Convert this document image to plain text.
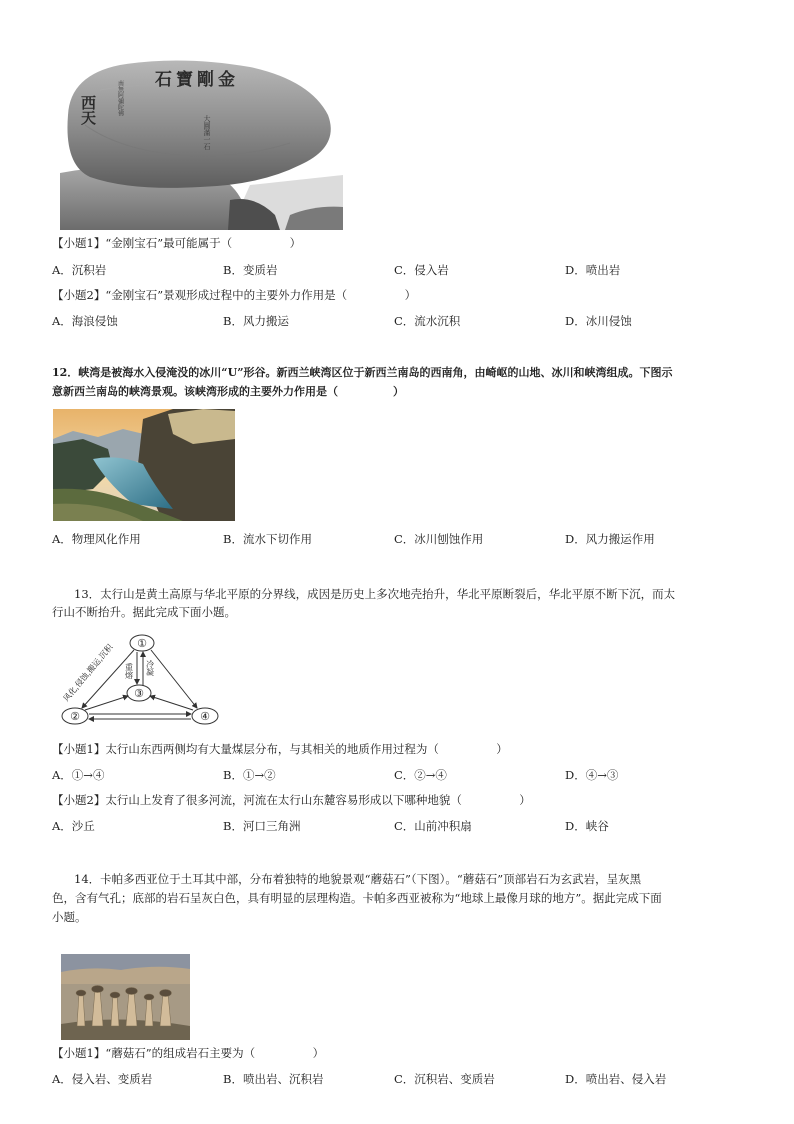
石寶剛金
西天	南無阿彌陀佛
大圓滿一石
【小题1】“金刚宝石”最可能属于（　　　　　）
A．沉积岩	B．变质岩	C．侵入岩	D．喷出岩
【小题2】“金刚宝石”景观形成过程中的主要外力作用是（　　　　　）
A．海浪侵蚀	B．风力搬运	C．流水沉积	D．冰川侵蚀
12．峡湾是被海水入侵淹没的冰川“U”形谷。新西兰峡湾区位于新西兰南岛的西南角，由崎岖的山地、冰川和峡湾组成。下图示
意新西兰南岛的峡湾景观。该峡湾形成的主要外力作用是（　　　　　）
A．物理风化作用	B．流水下切作用	C．冰川刨蚀作用	D．风力搬运作用
13．太行山是黄土高原与华北平原的分界线，成因是历史上多次地壳抬升，华北平原断裂后，华北平原不断下沉，而太
行山不断抬升。据此完成下面小题。
①
②
③
④
风化,侵蚀,搬运,沉积 重熔 冷凝
【小题1】太行山东西两侧均有大量煤层分布，与其相关的地质作用过程为（　　　　　）
A．①→④	B．①→②	C．②→④	D．④→③
【小题2】太行山上发育了很多河流，河流在太行山东麓容易形成以下哪种地貌（　　　　　）
A．沙丘	B．河口三角洲	C．山前冲积扇	D．峡谷
14．卡帕多西亚位于土耳其中部，分布着独特的地貌景观“蘑菇石”（下图）。“蘑菇石”顶部岩石为玄武岩，呈灰黑
色，含有气孔；底部的岩石呈灰白色，具有明显的层理构造。卡帕多西亚被称为“地球上最像月球的地方”。据此完成下面
小题。
【小题1】“蘑菇石”的组成岩石主要为（　　　　　）
A．侵入岩、变质岩	B．喷出岩、沉积岩	C．沉积岩、变质岩	D．喷出岩、侵入岩
